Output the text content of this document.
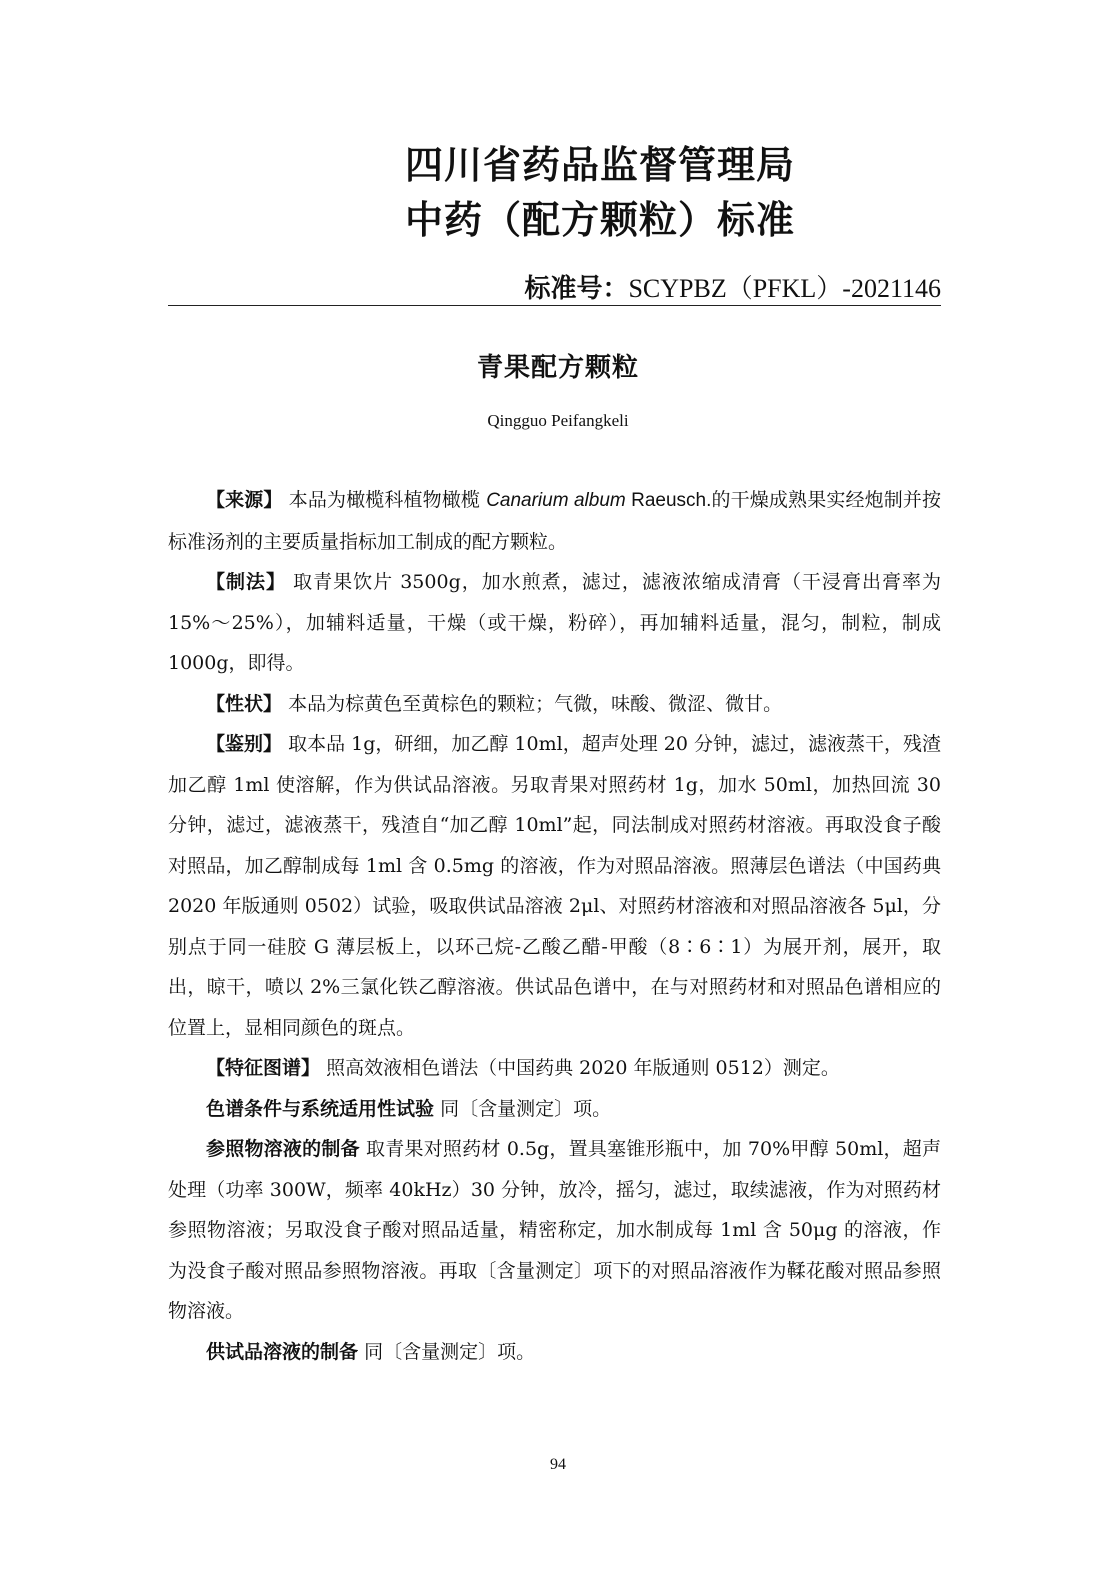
四川省药品监督管理局
中药（配方颗粒）标准
标准号：SCYPBZ（PFKL）-2021146
青果配方颗粒
Qingguo Peifangkeli

【来源】 本品为橄榄科植物橄榄 Canarium album Raeusch.的干燥成熟果实经炮制并按标准汤剂的主要质量指标加工制成的配方颗粒。

【制法】 取青果饮片 3500g，加水煎煮，滤过，滤液浓缩成清膏（干浸膏出膏率为 15%～25%），加辅料适量，干燥（或干燥，粉碎），再加辅料适量，混匀，制粒，制成 1000g，即得。

【性状】 本品为棕黄色至黄棕色的颗粒；气微，味酸、微涩、微甘。

【鉴别】 取本品 1g，研细，加乙醇 10ml，超声处理 20 分钟，滤过，滤液蒸干，残渣加乙醇 1ml 使溶解，作为供试品溶液。另取青果对照药材 1g，加水 50ml，加热回流 30 分钟，滤过，滤液蒸干，残渣自“加乙醇 10ml”起，同法制成对照药材溶液。再取没食子酸对照品，加乙醇制成每 1ml 含 0.5mg 的溶液，作为对照品溶液。照薄层色谱法（中国药典 2020 年版通则 0502）试验，吸取供试品溶液 2μl、对照药材溶液和对照品溶液各 5μl，分别点于同一硅胶 G 薄层板上，以环己烷-乙酸乙醋-甲酸（8∶6∶1）为展开剂，展开，取出，晾干，喷以 2%三氯化铁乙醇溶液。供试品色谱中，在与对照药材和对照品色谱相应的位置上，显相同颜色的斑点。

【特征图谱】 照高效液相色谱法（中国药典 2020 年版通则 0512）测定。

色谱条件与系统适用性试验 同〔含量测定〕项。

参照物溶液的制备 取青果对照药材 0.5g，置具塞锥形瓶中，加 70%甲醇 50ml，超声处理（功率 300W，频率 40kHz）30 分钟，放冷，摇匀，滤过，取续滤液，作为对照药材参照物溶液；另取没食子酸对照品适量，精密称定，加水制成每 1ml 含 50μg 的溶液，作为没食子酸对照品参照物溶液。再取〔含量测定〕项下的对照品溶液作为鞣花酸对照品参照物溶液。

供试品溶液的制备 同〔含量测定〕项。

94
